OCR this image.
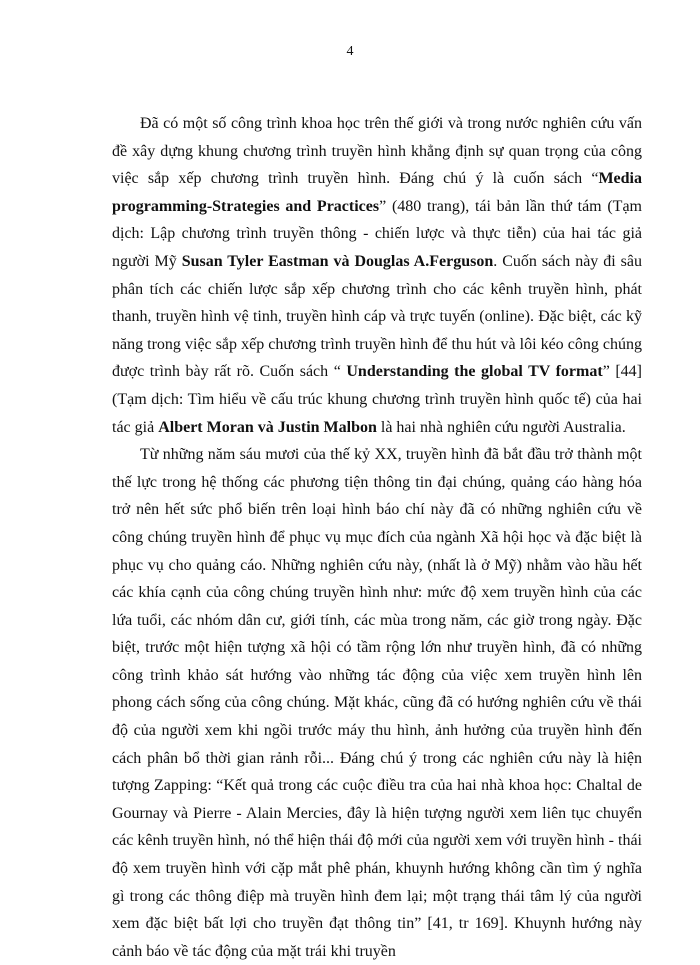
4

Đã có một số công trình khoa học trên thế giới và trong nước nghiên cứu vấn đề xây dựng khung chương trình truyền hình khẳng định sự quan trọng của công việc sắp xếp chương trình truyền hình. Đáng chú ý là cuốn sách “Media programming-Strategies and Practices” (480 trang), tái bản lần thứ tám (Tạm dịch: Lập chương trình truyền thông - chiến lược và thực tiễn) của hai tác giả người Mỹ Susan Tyler Eastman và Douglas A.Ferguson. Cuốn sách này đi sâu phân tích các chiến lược sắp xếp chương trình cho các kênh truyền hình, phát thanh, truyền hình vệ tinh, truyền hình cáp và trực tuyến (online). Đặc biệt, các kỹ năng trong việc sắp xếp chương trình truyền hình để thu hút và lôi kéo công chúng được trình bày rất rõ. Cuốn sách “ Understanding the global TV format” [44] (Tạm dịch: Tìm hiểu về cấu trúc khung chương trình truyền hình quốc tế) của hai tác giả Albert Moran và Justin Malbon là hai nhà nghiên cứu người Australia.

Từ những năm sáu mươi của thế kỷ XX, truyền hình đã bắt đầu trở thành một thế lực trong hệ thống các phương tiện thông tin đại chúng, quảng cáo hàng hóa trở nên hết sức phổ biến trên loại hình báo chí này đã có những nghiên cứu về công chúng truyền hình để phục vụ mục đích của ngành Xã hội học và đặc biệt là phục vụ cho quảng cáo. Những nghiên cứu này, (nhất là ở Mỹ) nhằm vào hầu hết các khía cạnh của công chúng truyền hình như: mức độ xem truyền hình của các lứa tuổi, các nhóm dân cư, giới tính, các mùa trong năm, các giờ trong ngày. Đặc biệt, trước một hiện tượng xã hội có tầm rộng lớn như truyền hình, đã có những công trình khảo sát hướng vào những tác động của việc xem truyền hình lên phong cách sống của công chúng. Mặt khác, cũng đã có hướng nghiên cứu về thái độ của người xem khi ngồi trước máy thu hình, ảnh hưởng của truyền hình đến cách phân bổ thời gian rảnh rỗi... Đáng chú ý trong các nghiên cứu này là hiện tượng Zapping: “Kết quả trong các cuộc điều tra của hai nhà khoa học: Chaltal de Gournay và Pierre - Alain Mercies, đây là hiện tượng người xem liên tục chuyển các kênh truyền hình, nó thể hiện thái độ mới của người xem với truyền hình - thái độ xem truyền hình với cặp mắt phê phán, khuynh hướng không cần tìm ý nghĩa gì trong các thông điệp mà truyền hình đem lại; một trạng thái tâm lý của người xem đặc biệt bất lợi cho truyền đạt thông tin” [41, tr 169]. Khuynh hướng này cảnh báo về tác động của mặt trái khi truyền
